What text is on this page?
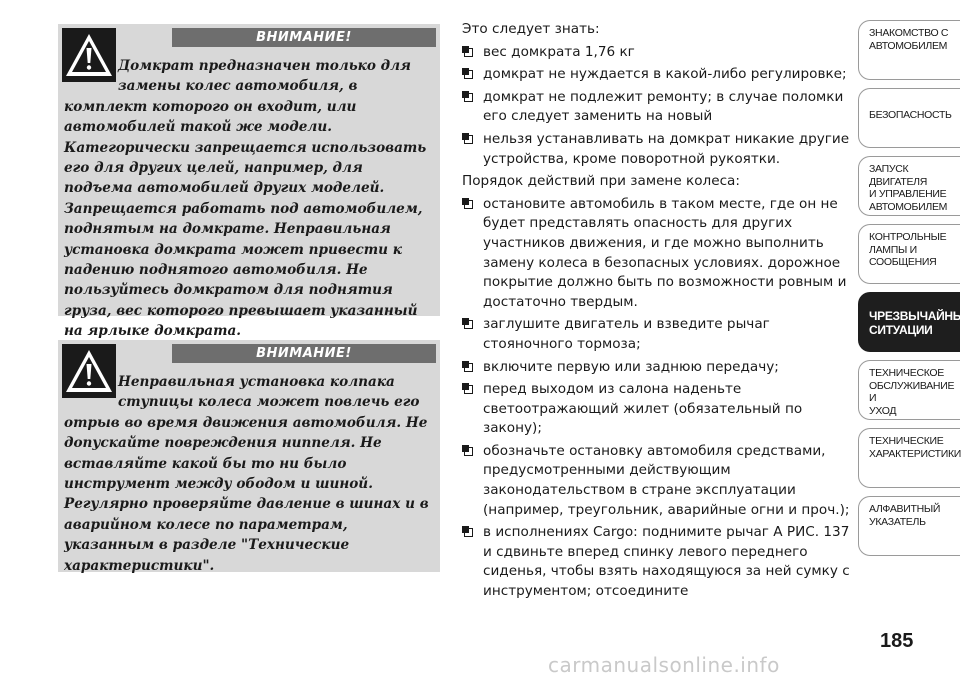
ВНИМАНИЕ!
Домкрат предназначен только для
замены колес автомобиля, в комплект которого он входит, или автомобилей такой же модели. Категорически запрещается использовать его для других целей, например, для подъема автомобилей других моделей. Запрещается работать под автомобилем, поднятым на домкрате. Неправильная установка домкрата может привести к падению поднятого автомобиля. Не пользуйтесь домкратом для поднятия груза, вес которого превышает указанный на ярлыке домкрата.
ВНИМАНИЕ!
Неправильная установка колпака
ступицы колеса может повлечь его отрыв во время движения автомобиля. Не допускайте повреждения ниппеля. Не вставляйте какой бы то ни было инструмент между ободом и шиной. Регулярно проверяйте давление в шинах и в аварийном колесе по параметрам, указанным в разделе "Технические характеристики".

Это следует знать:

вес домкрата 1,76 кг
домкрат не нуждается в какой-либо регулировке;
домкрат не подлежит ремонту; в случае поломки его следует заменить на новый
нельзя устанавливать на домкрат никакие другие устройства, кроме поворотной рукоятки.

Порядок действий при замене колеса:

остановите автомобиль в таком месте, где он не будет представлять опасность для других участников движения, и где можно выполнить замену колеса в безопасных условиях. дорожное покрытие должно быть по возможности ровным и достаточно твердым.
заглушите двигатель и взведите рычаг стояночного тормоза;
включите первую или заднюю передачу;
перед выходом из салона наденьте светоотражающий жилет (обязательный по закону);
обозначьте остановку автомобиля средствами, предусмотренными действующим законодательством в стране эксплуатации (например, треугольник, аварийные огни и проч.);
в исполнениях Cargo: поднимите рычаг А РИС. 137 и сдвиньте вперед спинку левого переднего сиденья, чтобы взять находящуюся за ней сумку с инструментом; отсоедините
ЗНАКОМСТВО С
АВТОМОБИЛЕМ
БЕЗОПАСНОСТЬ
ЗАПУСК ДВИГАТЕЛЯ
И УПРАВЛЕНИЕ
АВТОМОБИЛЕМ
КОНТРОЛЬНЫЕ
ЛАМПЫ И
СООБЩЕНИЯ
ЧРЕЗВЫЧАЙНЫЕ
СИТУАЦИИ
ТЕХНИЧЕСКОЕ
ОБСЛУЖИВАНИЕ И
УХОД
ТЕХНИЧЕСКИЕ
ХАРАКТЕРИСТИКИ
АЛФАВИТНЫЙ
УКАЗАТЕЛЬ
185
carmanualsonline.info
